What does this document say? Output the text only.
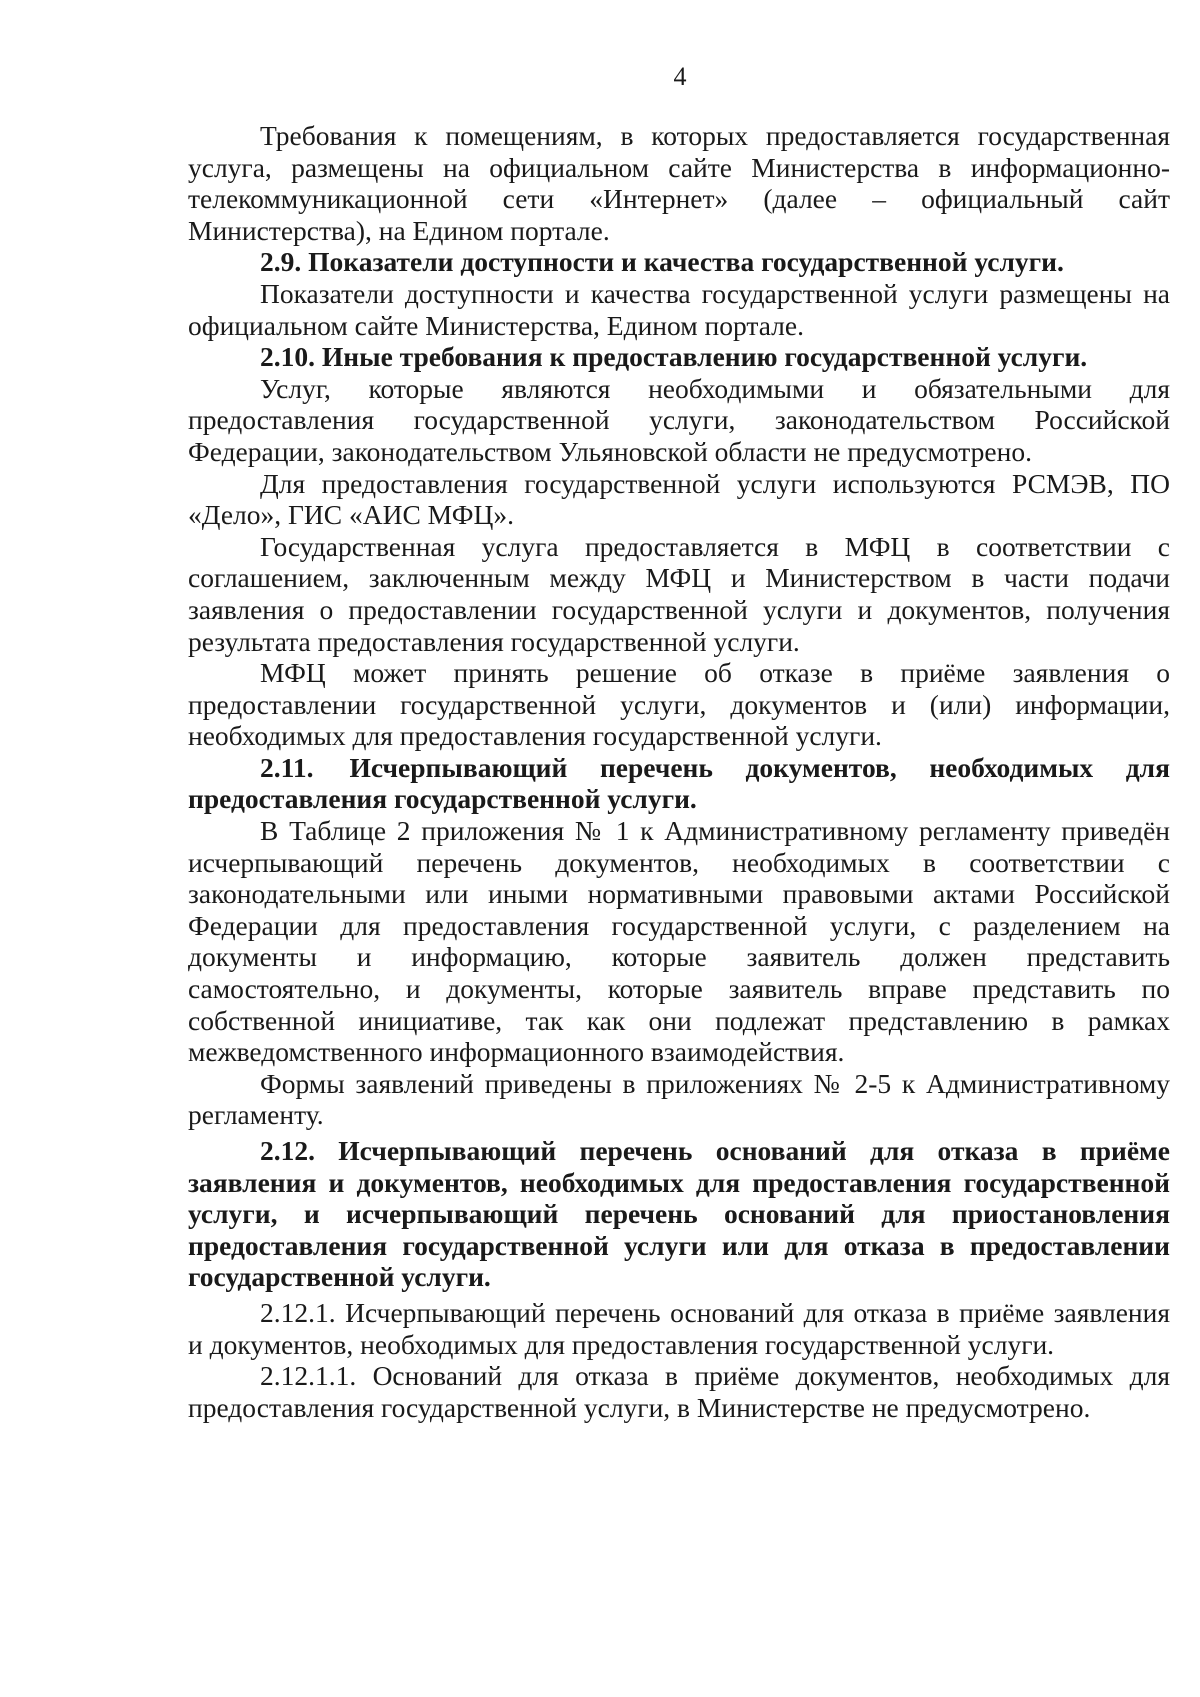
4

Требования к помещениям, в которых предоставляется государственная услуга, размещены на официальном сайте Министерства в информационно-телекоммуникационной сети «Интернет» (далее – официальный сайт Министерства), на Едином портале.

2.9. Показатели доступности и качества государственной услуги.

Показатели доступности и качества государственной услуги размещены на официальном сайте Министерства, Едином портале.

2.10. Иные требования к предоставлению государственной услуги.

Услуг, которые являются необходимыми и обязательными для предоставления государственной услуги, законодательством Российской Федерации, законодательством Ульяновской области не предусмотрено.

Для предоставления государственной услуги используются РСМЭВ, ПО «Дело», ГИС «АИС МФЦ».

Государственная услуга предоставляется в МФЦ в соответствии с соглашением, заключенным между МФЦ и Министерством в части подачи заявления о предоставлении государственной услуги и документов, получения результата предоставления государственной услуги.

МФЦ может принять решение об отказе в приёме заявления о предоставлении государственной услуги, документов и (или) информации, необходимых для предоставления государственной услуги.

2.11. Исчерпывающий перечень документов, необходимых для предоставления государственной услуги.

В Таблице 2 приложения № 1 к Административному регламенту приведён исчерпывающий перечень документов, необходимых в соответствии с законодательными или иными нормативными правовыми актами Российской Федерации для предоставления государственной услуги, с разделением на документы и информацию, которые заявитель должен представить самостоятельно, и документы, которые заявитель вправе представить по собственной инициативе, так как они подлежат представлению в рамках межведомственного информационного взаимодействия.

Формы заявлений приведены в приложениях № 2-5 к Административному регламенту.

2.12. Исчерпывающий перечень оснований для отказа в приёме заявления и документов, необходимых для предоставления государственной услуги, и исчерпывающий перечень оснований для приостановления предоставления государственной услуги или для отказа в предоставлении государственной услуги.

2.12.1. Исчерпывающий перечень оснований для отказа в приёме заявления и документов, необходимых для предоставления государственной услуги.

2.12.1.1. Оснований для отказа в приёме документов, необходимых для предоставления государственной услуги, в Министерстве не предусмотрено.
